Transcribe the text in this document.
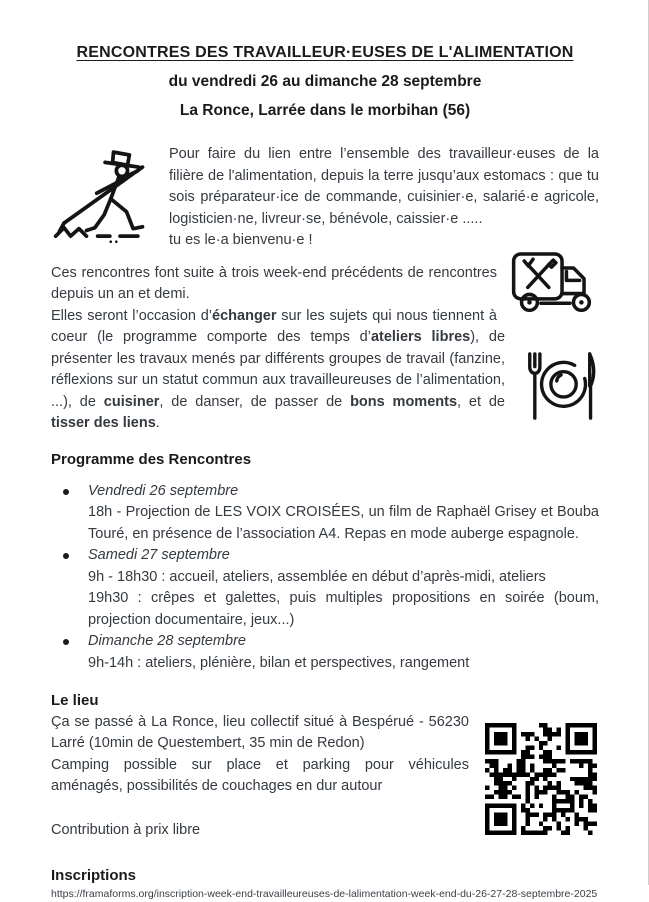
RENCONTRES DES TRAVAILLEUR·EUSES DE L'ALIMENTATION
du vendredi 26 au dimanche 28 septembre
La Ronce, Larrée dans le morbihan (56)
Pour faire du lien entre l’ensemble des travailleur·euses de la filière de l'alimentation, depuis la terre jusqu’aux estomacs : que tu sois préparateur·ice de commande, cuisinier·e, salarié·e agricole, logisticien·ne, livreur·se, bénévole, caissier·e .....
tu es le·a bienvenu·e !

Ces rencontres font suite à trois week-end précédents de rencontres depuis un an et demi.

Elles seront l’occasion d’échanger sur les sujets qui nous tiennent à coeur (le programme comporte des temps d’ateliers libres), de présenter les travaux menés par différents groupes de travail (fanzine, réflexions sur un statut commun aux travailleureuses de l’alimentation, ...), de cuisiner, de danser, de passer de bons moments, et de tisser des liens.

Programme des Rencontres
Vendredi 26 septembre
18h - Projection de LES VOIX CROISÉES, un film de Raphaël Grisey et Bouba Touré, en présence de l’association A4. Repas en mode auberge espagnole.
Samedi 27 septembre
9h - 18h30 : accueil, ateliers, assemblée en début d’après-midi, ateliers
19h30 : crêpes et galettes, puis multiples propositions en soirée (boum, projection documentaire, jeux...)
Dimanche 28 septembre
9h-14h : ateliers, plénière, bilan et perspectives, rangement
Le lieu

Ça se passé à La Ronce, lieu collectif situé à Bespérué - 56230 Larré (10min de Questembert, 35 min de Redon)

Camping possible sur place et parking pour véhicules aménagés, possibilités de couchages en dur autour

Contribution à prix libre

Inscriptions
https://framaforms.org/inscription-week-end-travailleureuses-de-lalimentation-week-end-du-26-27-28-septembre-2025
